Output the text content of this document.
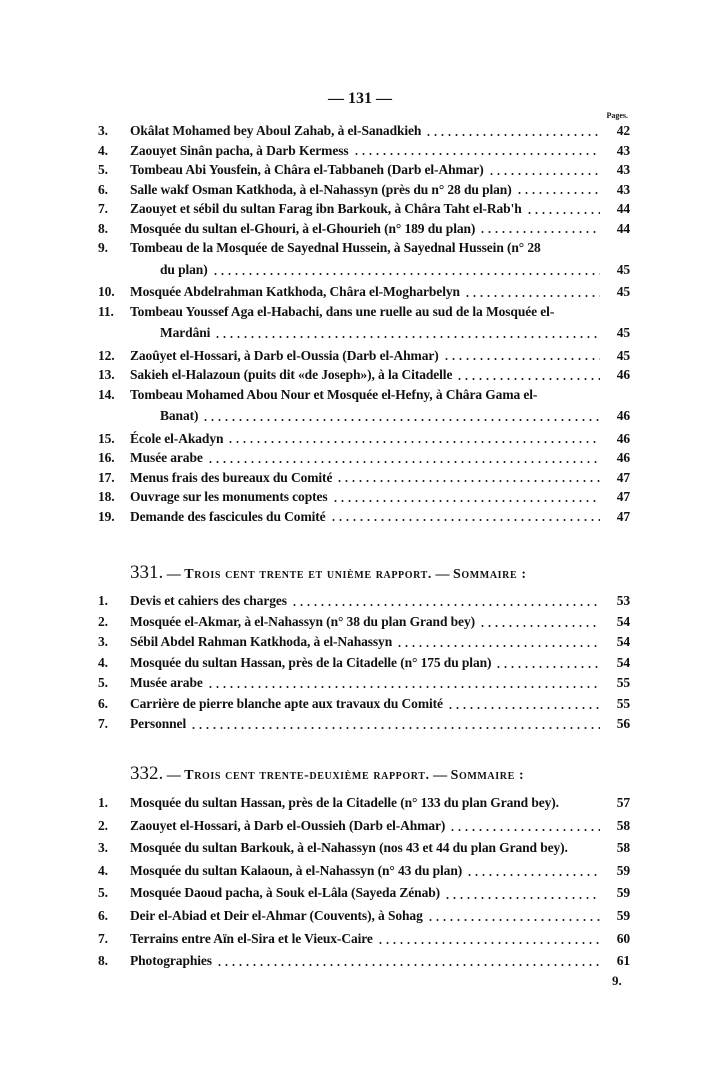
— 131 —
Pages.
3.	Okâlat Mohamed bey Aboul Zahab, à el-Sanadkieh	42
4.	Zaouyet Sinân pacha, à Darb Kermess	43
5.	Tombeau Abi Yousfein, à Châra el-Tabbaneh (Darb el-Ahmar)	43
6.	Salle wakf Osman Katkhoda, à el-Nahassyn (près du n° 28 du plan)	43
7.	Zaouyet et sébil du sultan Farag ibn Barkouk, à Châra Taht el-Rab'h	44
8.	Mosquée du sultan el-Ghouri, à el-Ghourieh (n° 189 du plan)	44
9.	Tombeau de la Mosquée de Sayednal Hussein, à Sayednal Hussein (n° 28
du plan)	45
10.	Mosquée Abdelrahman Katkhoda, Châra el-Mogharbelyn	45
11.	Tombeau Youssef Aga el-Habachi, dans une ruelle au sud de la Mosquée el-
Mardâni	45
12.	Zaoûyet el-Hossari, à Darb el-Oussia (Darb el-Ahmar)	45
13.	Sakieh el-Halazoun (puits dit «de Joseph»), à la Citadelle	46
14.	Tombeau Mohamed Abou Nour et Mosquée el-Hefny, à Châra Gama el-
Banat)	46
15.	École el-Akadyn	46
16.	Musée arabe	46
17.	Menus frais des bureaux du Comité	47
18.	Ouvrage sur les monuments coptes	47
19.	Demande des fascicules du Comité	47
331. — Trois cent trente et unième rapport. — Sommaire :
1.	Devis et cahiers des charges	53
2.	Mosquée el-Akmar, à el-Nahassyn (n° 38 du plan Grand bey)	54
3.	Sébil Abdel Rahman Katkhoda, à el-Nahassyn	54
4.	Mosquée du sultan Hassan, près de la Citadelle (n° 175 du plan)	54
5.	Musée arabe	55
6.	Carrière de pierre blanche apte aux travaux du Comité	55
7.	Personnel	56
332. — Trois cent trente-deuxième rapport. — Sommaire :
1.	Mosquée du sultan Hassan, près de la Citadelle (n° 133 du plan Grand bey).	57
2.	Zaouyet el-Hossari, à Darb el-Oussieh (Darb el-Ahmar)	58
3.	Mosquée du sultan Barkouk, à el-Nahassyn (nos 43 et 44 du plan Grand bey).	58
4.	Mosquée du sultan Kalaoun, à el-Nahassyn (n° 43 du plan)	59
5.	Mosquée Daoud pacha, à Souk el-Lâla (Sayeda Zénab)	59
6.	Deir el-Abiad et Deir el-Ahmar (Couvents), à Sohag	59
7.	Terrains entre Aïn el-Sira et le Vieux-Caire	60
8.	Photographies	61
9.
